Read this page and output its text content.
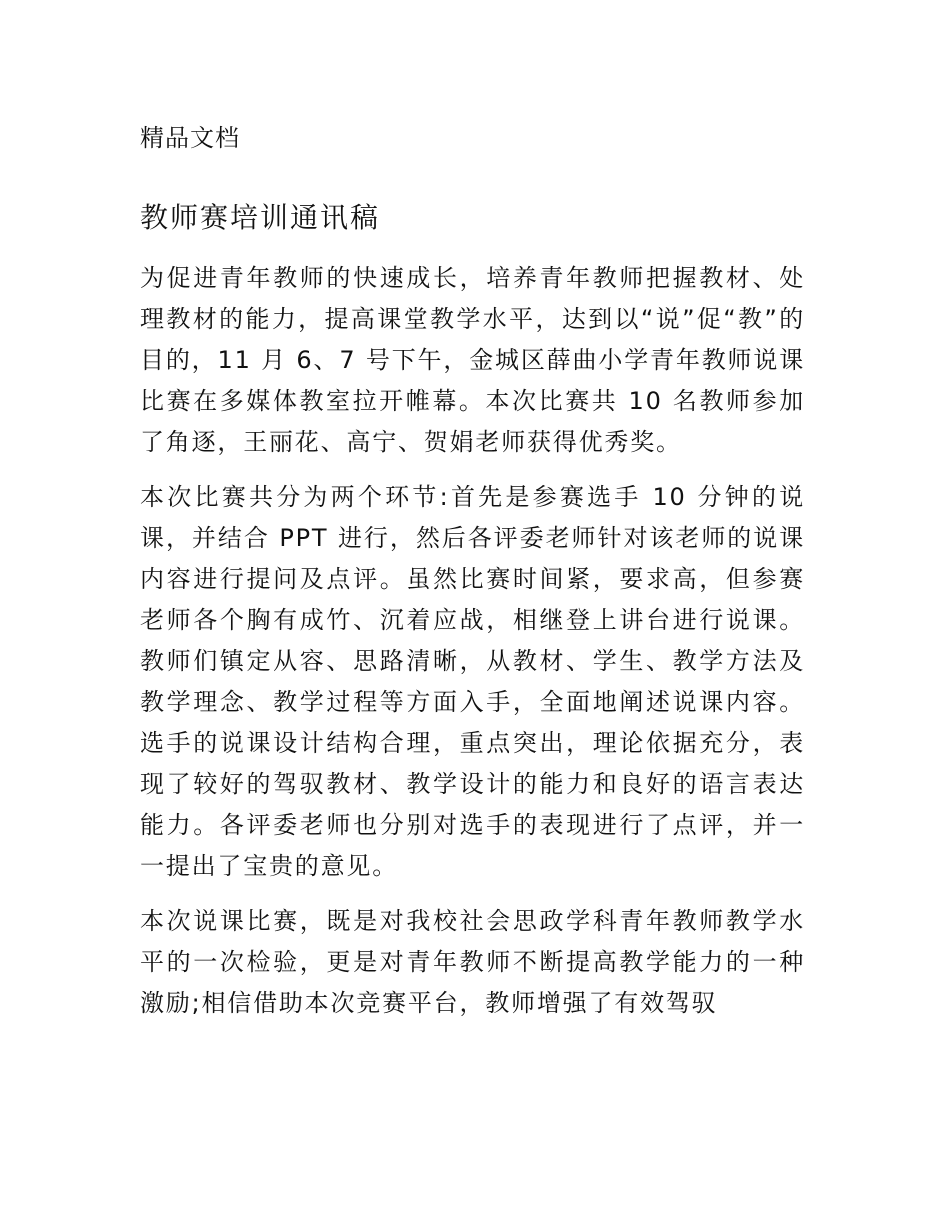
精品文档
教师赛培训通讯稿

为促进青年教师的快速成长，培养青年教师把握教材、处理教材的能力，提高课堂教学水平，达到以“说”促“教”的目的，11 月 6、7 号下午，金城区薛曲小学青年教师说课比赛在多媒体教室拉开帷幕。本次比赛共 10 名教师参加了角逐，王丽花、高宁、贺娟老师获得优秀奖。

本次比赛共分为两个环节:首先是参赛选手 10 分钟的说课，并结合 PPT 进行，然后各评委老师针对该老师的说课内容进行提问及点评。虽然比赛时间紧，要求高，但参赛老师各个胸有成竹、沉着应战，相继登上讲台进行说课。教师们镇定从容、思路清晰，从教材、学生、教学方法及教学理念、教学过程等方面入手，全面地阐述说课内容。选手的说课设计结构合理，重点突出，理论依据充分，表现了较好的驾驭教材、教学设计的能力和良好的语言表达能力。各评委老师也分别对选手的表现进行了点评，并一一提出了宝贵的意见。

本次说课比赛，既是对我校社会思政学科青年教师教学水平的一次检验，更是对青年教师不断提高教学能力的一种激励;相信借助本次竞赛平台，教师增强了有效驾驭
